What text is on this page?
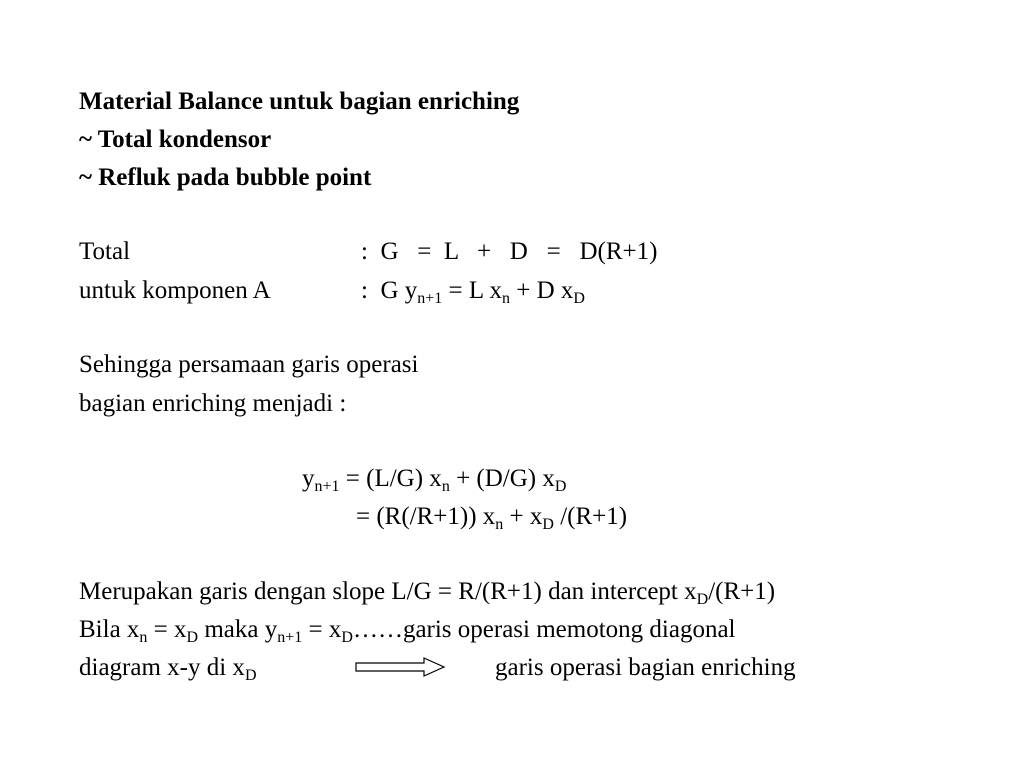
Material Balance untuk bagian enriching
~ Total kondensor
~ Refluk pada bubble point
Total	:  G   =  L   +   D   =   D(R+1)
untuk komponen A	:  G $y_{n+1} = L$ $x_n + D$ $x_D$
Sehingga persamaan garis operasi
bagian enriching menjadi :
$y_{n+1} = (L/G) x_n + (D/G)$ $x_D$
= (R(/R+1)) $x_n + x_D$ /(R+1)
Merupakan garis dengan slope L/G = R/(R+1) dan intercept $x_D/(R+1)$
Bila $x_n = x_D$ maka $y_{n+1}$ = $x_D\dots\dots garis$ operasi memotong diagonal
diagram x-y di $x_D$	garis operasi bagian enriching
